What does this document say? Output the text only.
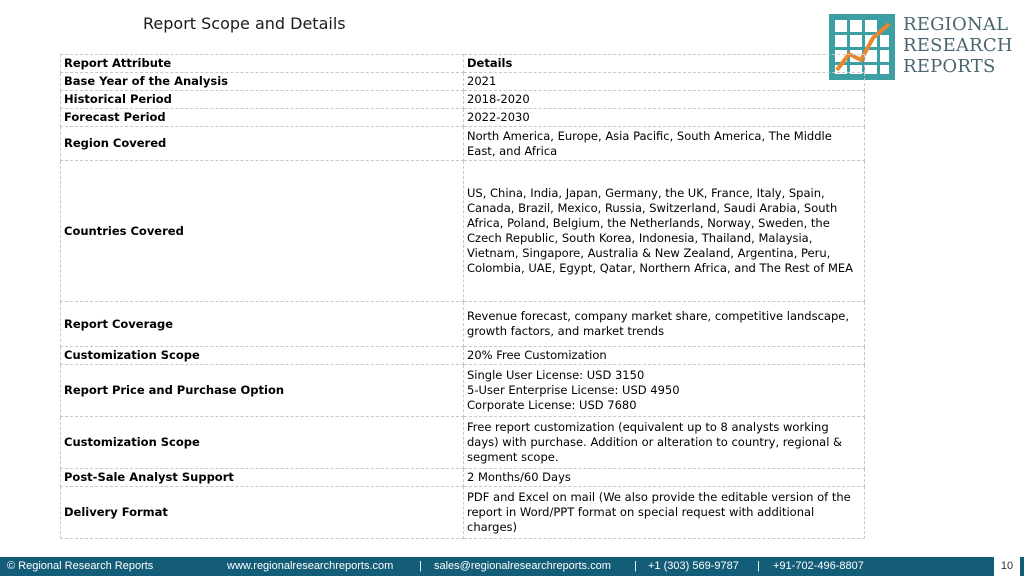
Report Scope and Details	REGIONAL
RESEARCH
REPORTS
Report Attribute	Details
Base Year of the Analysis	2021
Historical Period	2018-2020
Forecast Period	2022-2030
Region Covered	North America, Europe, Asia Pacific, South America, The Middle East, and Africa
Countries Covered	US, China, India, Japan, Germany, the UK, France, Italy, Spain, Canada, Brazil, Mexico, Russia, Switzerland, Saudi Arabia, South Africa, Poland, Belgium, the Netherlands, Norway, Sweden, the Czech Republic, South Korea, Indonesia, Thailand, Malaysia, Vietnam, Singapore, Australia & New Zealand, Argentina, Peru, Colombia, UAE, Egypt, Qatar, Northern Africa, and The Rest of MEA
Report Coverage	Revenue forecast, company market share, competitive landscape, growth factors, and market trends
Customization Scope	20% Free Customization
Report Price and Purchase Option	Single User License: USD 3150
5-User Enterprise License: USD 4950
Corporate License: USD 7680

Customization Scope	Free report customization (equivalent up to 8 analysts working days) with purchase. Addition or alteration to country, regional & segment scope.
Post-Sale Analyst Support	2 Months/60 Days
Delivery Format	PDF and Excel on mail (We also provide the editable version of the report in Word/PPT format on special request with additional charges)
© Regional Research Reports	www.regionalresearchreports.com | sales@regionalresearchreports.com | +1 (303) 569-9787 | +91-702-496-8807	10
